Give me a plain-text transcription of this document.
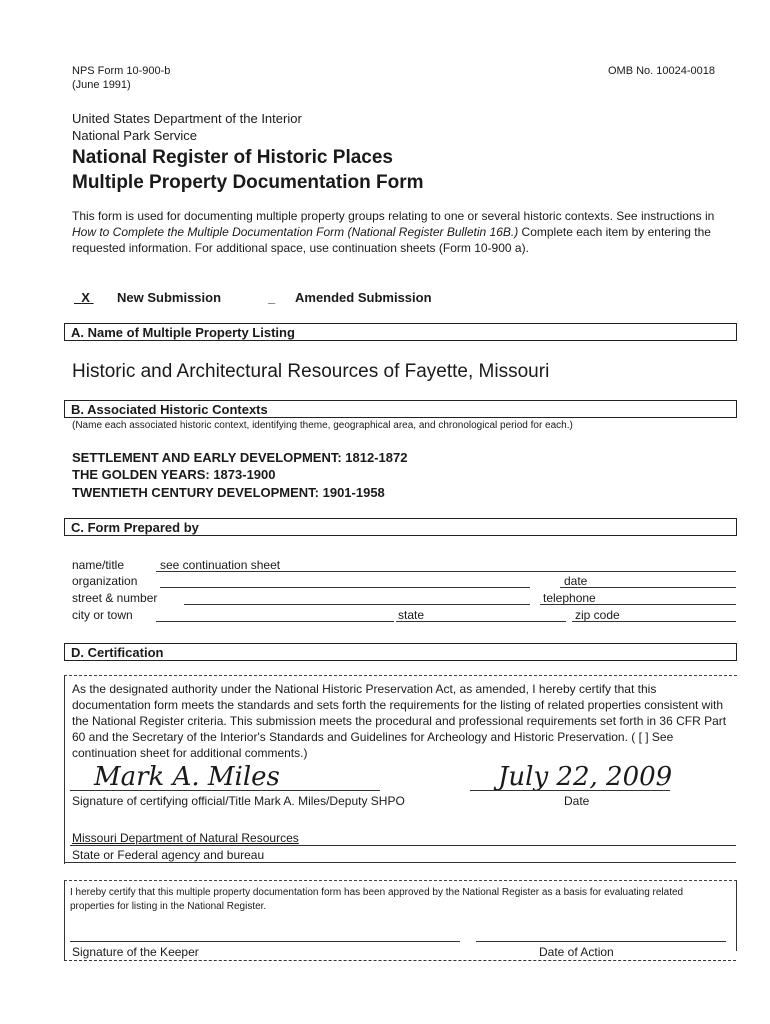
NPS Form 10-900-b
(June 1991)
OMB No. 10024-0018
United States Department of the Interior
National Park Service
National Register of Historic Places
Multiple Property Documentation Form
This form is used for documenting multiple property groups relating to one or several historic contexts. See instructions in How to Complete the Multiple Documentation Form (National Register Bulletin 16B.) Complete each item by entering the requested information. For additional space, use continuation sheets (Form 10-900 a).
X New Submission	_ Amended Submission
A. Name of Multiple Property Listing
Historic and Architectural Resources of Fayette, Missouri
B. Associated Historic Contexts
(Name each associated historic context, identifying theme, geographical area, and chronological period for each.)
SETTLEMENT AND EARLY DEVELOPMENT: 1812-1872
THE GOLDEN YEARS: 1873-1900
TWENTIETH CENTURY DEVELOPMENT: 1901-1958
C. Form Prepared by
name/title	see continuation sheet
organization	date
street & number	telephone
city or town	state	zip code
D. Certification
As the designated authority under the National Historic Preservation Act, as amended, I hereby certify that this documentation form meets the standards and sets forth the requirements for the listing of related properties consistent with the National Register criteria. This submission meets the procedural and professional requirements set forth in 36 CFR Part 60 and the Secretary of the Interior's Standards and Guidelines for Archeology and Historic Preservation. ( [ ] See continuation sheet for additional comments.)
Mark A. Miles	July 22, 2009
Signature of certifying official/Title Mark A. Miles/Deputy SHPO	Date
Missouri Department of Natural Resources
State or Federal agency and bureau
I hereby certify that this multiple property documentation form has been approved by the National Register as a basis for evaluating related properties for listing in the National Register.
Signature of the Keeper	Date of Action
